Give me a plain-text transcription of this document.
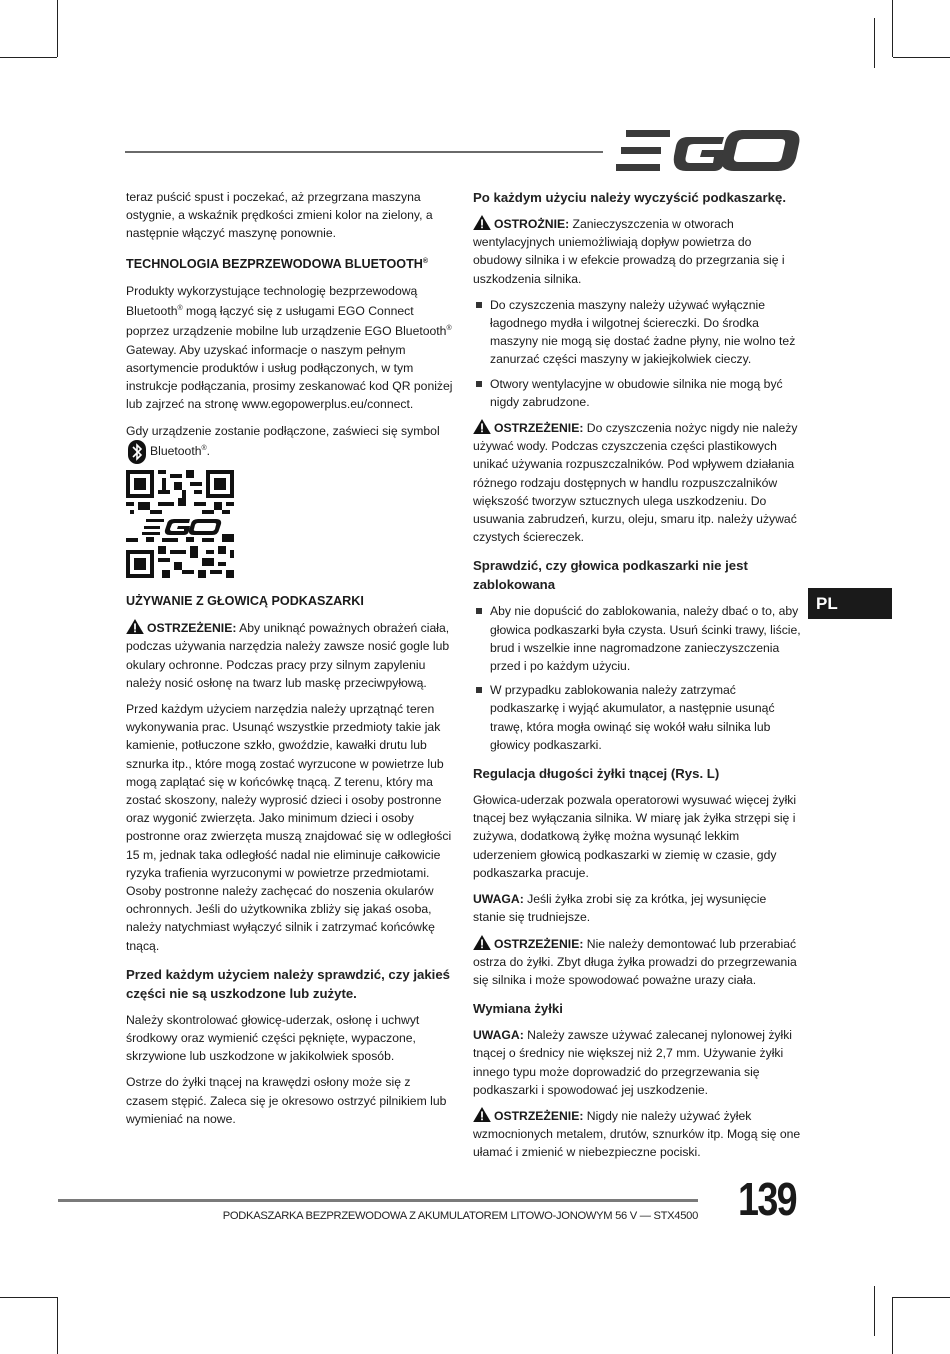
teraz puścić spust i poczekać, aż przegrzana maszyna ostygnie, a wskaźnik prędkości zmieni kolor na zielony, a następnie włączyć maszynę ponownie.

TECHNOLOGIA BEZPRZEWODOWA BLUETOOTH®

Produkty wykorzystujące technologię bezprzewodową Bluetooth® mogą łączyć się z usługami EGO Connect poprzez urządzenie mobilne lub urządzenie EGO Bluetooth® Gateway. Aby uzyskać informacje o naszym pełnym asortymencie produktów i usług podłączonych, w tym instrukcje podłączania, prosimy zeskanować kod QR poniżej lub zajrzeć na stronę www.egopowerplus.eu/connect.

Gdy urządzenie zostanie podłączone, zaświeci się symbol

Bluetooth®.

UŻYWANIE Z GŁOWICĄ PODKASZARKI

OSTRZEŻENIE: Aby uniknąć poważnych obrażeń ciała, podczas używania narzędzia należy zawsze nosić gogle lub okulary ochronne. Podczas pracy przy silnym zapyleniu należy nosić osłonę na twarz lub maskę przeciwpyłową.

Przed każdym użyciem narzędzia należy uprzątnąć teren wykonywania prac. Usunąć wszystkie przedmioty takie jak kamienie, potłuczone szkło, gwoździe, kawałki drutu lub sznurka itp., które mogą zostać wyrzucone w powietrze lub mogą zaplątać się w końcówkę tnącą. Z terenu, który ma zostać skoszony, należy wyprosić dzieci i osoby postronne oraz wygonić zwierzęta. Jako minimum dzieci i osoby postronne oraz zwierzęta muszą znajdować się w odległości 15 m, jednak taka odległość nadal nie eliminuje całkowicie ryzyka trafienia wyrzuconymi w powietrze przedmiotami. Osoby postronne należy zachęcać do noszenia okularów ochronnych. Jeśli do użytkownika zbliży się jakaś osoba, należy natychmiast wyłączyć silnik i zatrzymać końcówkę tnącą.

Przed każdym użyciem należy sprawdzić, czy jakieś części nie są uszkodzone lub zużyte.

Należy skontrolować głowicę-uderzak, osłonę i uchwyt środkowy oraz wymienić części pęknięte, wypaczone, skrzywione lub uszkodzone w jakikolwiek sposób.

Ostrze do żyłki tnącej na krawędzi osłony może się z czasem stępić. Zaleca się je okresowo ostrzyć pilnikiem lub wymieniać na nowe.

Po każdym użyciu należy wyczyścić podkaszarkę.

OSTROŻNIE: Zanieczyszczenia w otworach wentylacyjnych uniemożliwiają dopływ powietrza do obudowy silnika i w efekcie prowadzą do przegrzania się i uszkodzenia silnika.

Do czyszczenia maszyny należy używać wyłącznie łagodnego mydła i wilgotnej ściereczki. Do środka maszyny nie mogą się dostać żadne płyny, nie wolno też zanurzać części maszyny w jakiejkolwiek cieczy.
Otwory wentylacyjne w obudowie silnika nie mogą być nigdy zabrudzone.

OSTRZEŻENIE: Do czyszczenia nożyc nigdy nie należy używać wody. Podczas czyszczenia części plastikowych unikać używania rozpuszczalników. Pod wpływem działania różnego rodzaju dostępnych w handlu rozpuszczalników większość tworzyw sztucznych ulega uszkodzeniu. Do usuwania zabrudzeń, kurzu, oleju, smaru itp. należy używać czystych ściereczek.

Sprawdzić, czy głowica podkaszarki nie jest zablokowana
Aby nie dopuścić do zablokowania, należy dbać o to, aby głowica podkaszarki była czysta. Usuń ścinki trawy, liście, brud i wszelkie inne nagromadzone zanieczyszczenia przed i po każdym użyciu.
W przypadku zablokowania należy zatrzymać podkaszarkę i wyjąć akumulator, a następnie usunąć trawę, która mogła owinąć się wokół wału silnika lub głowicy podkaszarki.
Regulacja długości żyłki tnącej (Rys. L)

Głowica-uderzak pozwala operatorowi wysuwać więcej żyłki tnącej bez wyłączania silnika. W miarę jak żyłka strzępi się i zużywa, dodatkową żyłkę można wysunąć lekkim uderzeniem głowicą podkaszarki w ziemię w czasie, gdy podkaszarka pracuje.

UWAGA: Jeśli żyłka zrobi się za krótka, jej wysunięcie stanie się trudniejsze.

OSTRZEŻENIE: Nie należy demontować lub przerabiać ostrza do żyłki. Zbyt długa żyłka prowadzi do przegrzewania się silnika i może spowodować poważne urazy ciała.

Wymiana żyłki

UWAGA: Należy zawsze używać zalecanej nylonowej żyłki tnącej o średnicy nie większej niż 2,7 mm. Używanie żyłki innego typu może doprowadzić do przegrzewania się podkaszarki i spowodować jej uszkodzenie.

OSTRZEŻENIE: Nigdy nie należy używać żyłek wzmocnionych metalem, drutów, sznurków itp. Mogą się one ułamać i zmienić w niebezpieczne pociski.

PL
PODKASZARKA BEZPRZEWODOWA Z AKUMULATOREM LITOWO-JONOWYM 56 V — STX4500 139
